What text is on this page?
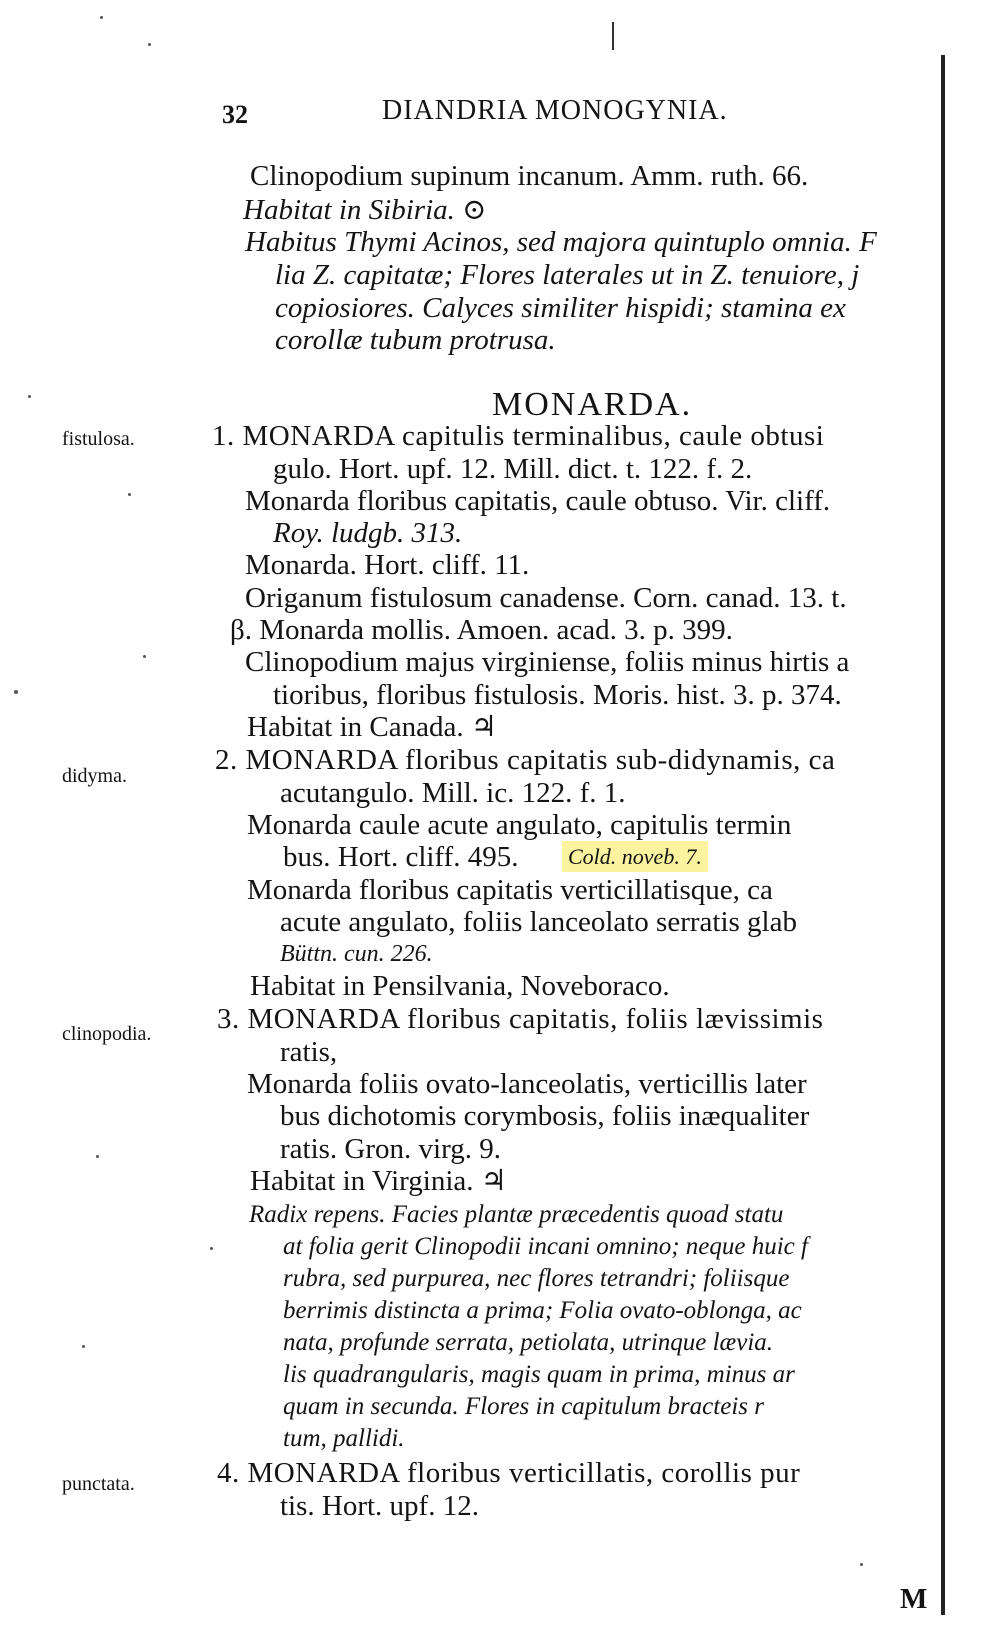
32	DIANDRIA MONOGYNIA.
Clinopodium supinum incanum. Amm. ruth. 66.
Habitat in Sibiria. ⊙
Habitus Thymi Acinos, sed majora quintuplo omnia. F
lia Z. capitatæ; Flores laterales ut in Z. tenuiore, j
copiosiores. Calyces similiter hispidi; stamina ex
corollæ tubum protrusa.
MONARDA.
fistulosa.
didyma.
clinopodia.
punctata.
1. MONARDA capitulis terminalibus, caule obtusi
gulo. Hort. upf. 12. Mill. dict. t. 122. f. 2.
Monarda floribus capitatis, caule obtuso. Vir. cliff.
Roy. ludgb. 313.
Monarda. Hort. cliff. 11.
Origanum fistulosum canadense. Corn. canad. 13. t.
β. Monarda mollis. Amoen. acad. 3. p. 399.
Clinopodium majus virginiense, foliis minus hirtis a
tioribus, floribus fistulosis. Moris. hist. 3. p. 374.
Habitat in Canada. ♃
2. MONARDA floribus capitatis sub-didynamis, ca
acutangulo. Mill. ic. 122. f. 1.
Monarda caule acute angulato, capitulis termin
bus. Hort. cliff. 495. Cold. noveb. 7.
Monarda floribus capitatis verticillatisque, ca
acute angulato, foliis lanceolato serratis glab
Büttn. cun. 226.
Habitat in Pensilvania, Noveboraco.
3. MONARDA floribus capitatis, foliis lævissimis
ratis,
Monarda foliis ovato-lanceolatis, verticillis later
bus dichotomis corymbosis, foliis inæqualiter
ratis. Gron. virg. 9.
Habitat in Virginia. ♃
Radix repens. Facies plantæ præcedentis quoad statu
at folia gerit Clinopodii incani omnino; neque huic f
rubra, sed purpurea, nec flores tetrandri; foliisque
berrimis distincta a prima; Folia ovato-oblonga, ac
nata, profunde serrata, petiolata, utrinque lævia.
lis quadrangularis, magis quam in prima, minus ar
quam in secunda. Flores in capitulum bracteis r
tum, pallidi.
4. MONARDA floribus verticillatis, corollis pur
tis. Hort. upf. 12.
M
